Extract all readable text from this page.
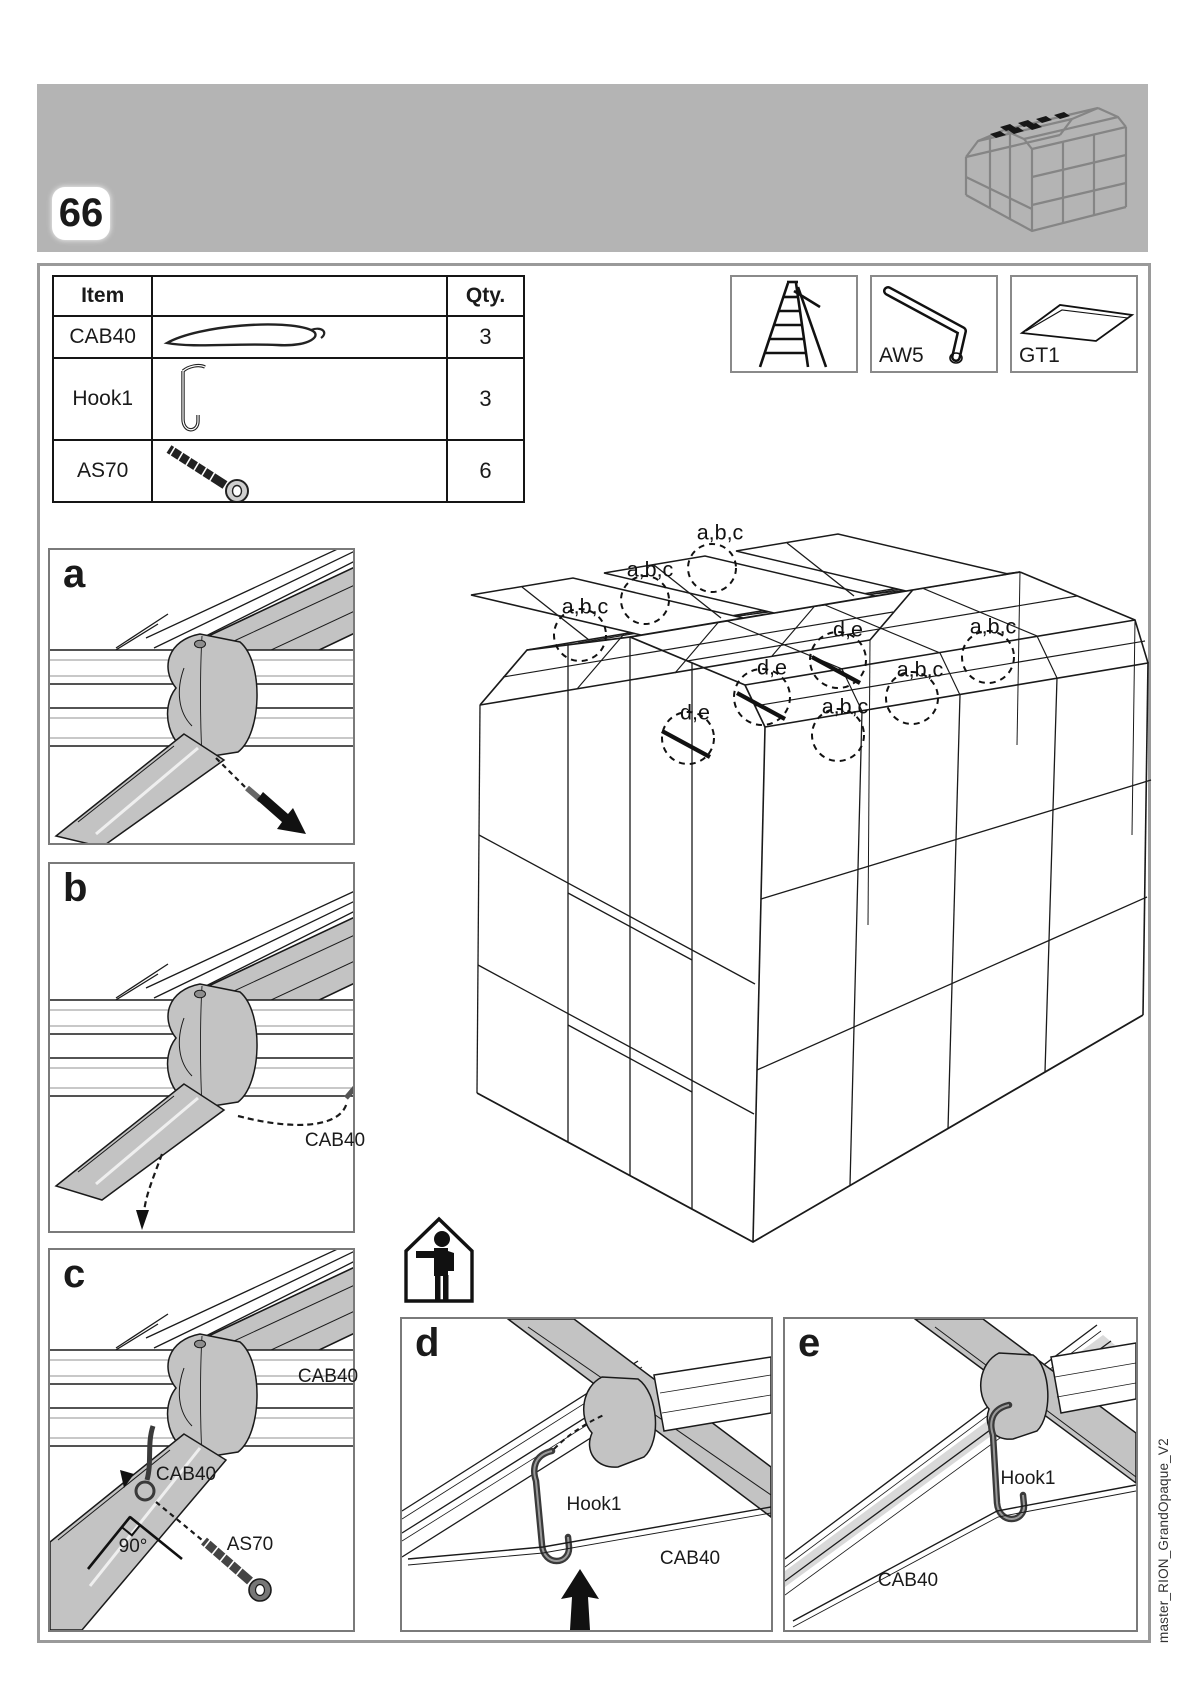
66
Item		Qty.
CAB40		3
Hook1		3
AS70		6
AW5	GT1
a
b
CAB40
c
CAB40
CAB40
AS70
90°
d
Hook1
CAB40
e
Hook1
CAB40	master_RION_GrandOpaque_V2
a,b,c
a,b,c
a,b,c
d,e	a,b,c
d,e	a,b,c
d,e	a,b,c
